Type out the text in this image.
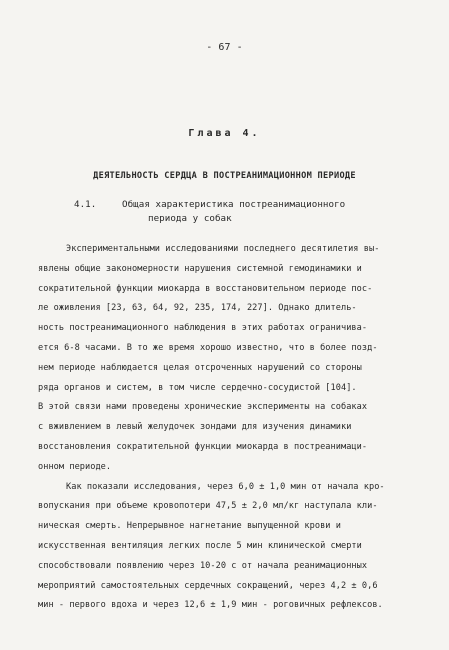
- 67 -
Глава 4.
ДЕЯТЕЛЬНОСТЬ СЕРДЦА В ПОСТРЕАНИМАЦИОННОМ ПЕРИОДЕ
4.1.	Общая характеристика постреанимационного
периода у собак
Экспериментальными исследованиями последнего десятилетия вы-
явлены общие закономерности нарушения системной гемодинамики и
сократительной функции миокарда в восстановительном периоде пос-
ле оживления [23, 63, 64, 92, 235, 174, 227]. Однако длитель-
ность постреанимационного наблюдения в этих работах ограничива-
ется 6-8 часами. В то же время хорошо известно, что в более позд-
нем периоде наблюдается целая отсроченных нарушений со стороны
ряда органов и систем, в том числе сердечно-сосудистой [104].
В этой связи нами проведены хронические эксперименты на собаках
с вживлением в левый желудочек зондами для изучения динамики
восстановления сократительной функции миокарда в постреанимаци-
онном периоде.
Как показали исследования, через 6,0 ± 1,0 мин от начала кро-
вопускания при объеме кровопотери 47,5 ± 2,0 мл/кг наступала кли-
ническая смерть. Непрерывное нагнетание выпущенной крови и
искусственная вентиляция легких после 5 мин клинической смерти
способствовали появлению через 10-20 с от начала реанимационных
мероприятий самостоятельных сердечных сокращений, через 4,2 ± 0,6
мин - первого вдоха и через 12,6 ± 1,9 мин - роговичных рефлексов.
